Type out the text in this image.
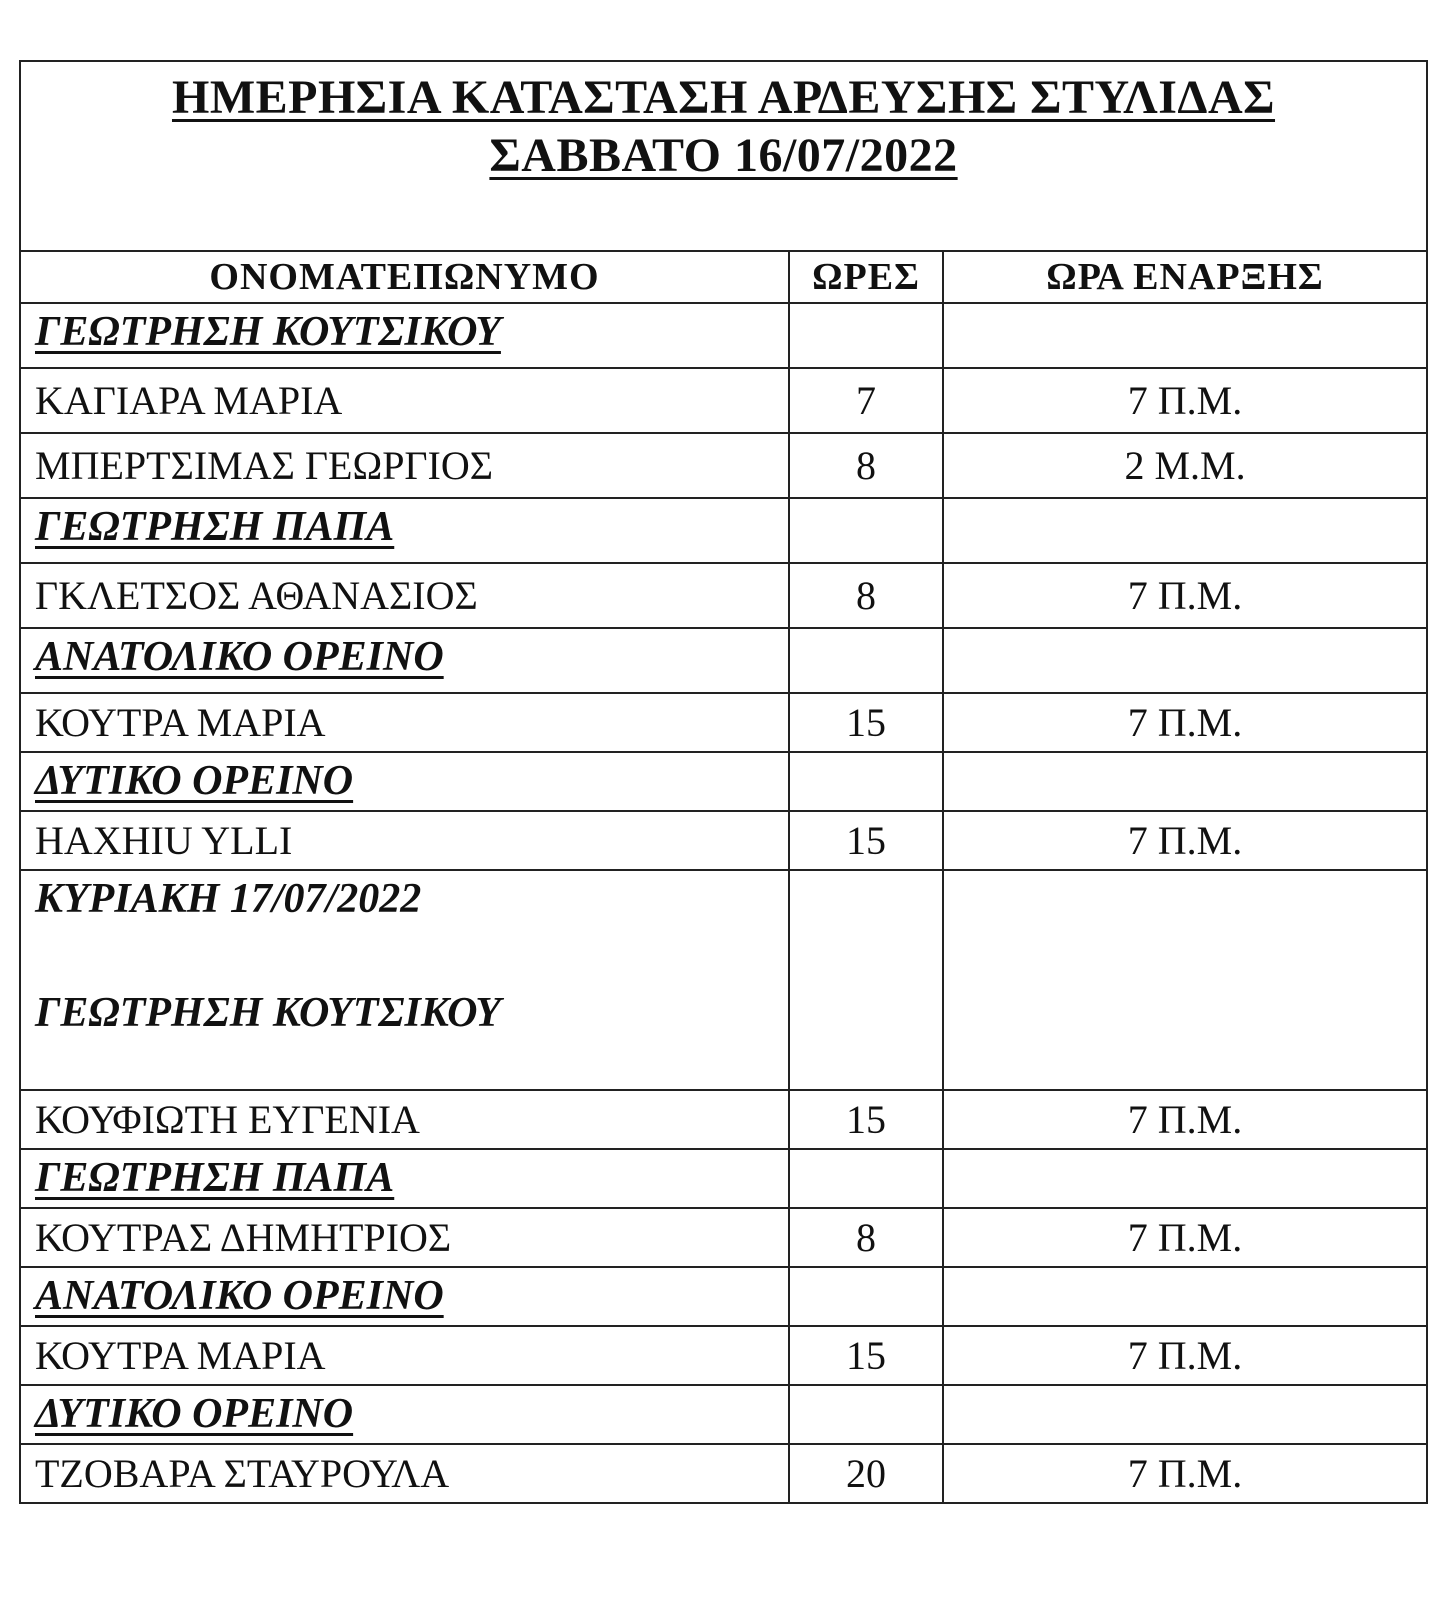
ΗΜΕΡΗΣΙΑ ΚΑΤΑΣΤΑΣΗ ΑΡΔΕΥΣΗΣ ΣΤΥΛΙΔΑΣ
ΣΑΒΒΑΤΟ 16/07/2022		

ΟΝΟΜΑΤΕΠΩΝΥΜΟ	ΩΡΕΣ	ΩΡΑ ΕΝΑΡΞΗΣ
ΓΕΩΤΡΗΣΗ ΚΟΥΤΣΙΚΟΥ		
ΚΑΓΙΑΡΑ ΜΑΡΙΑ	7	7 Π.Μ.
ΜΠΕΡΤΣΙΜΑΣ ΓΕΩΡΓΙΟΣ	8	2 Μ.Μ.
ΓΕΩΤΡΗΣΗ ΠΑΠΑ		
ΓΚΛΕΤΣΟΣ ΑΘΑΝΑΣΙΟΣ	8	7 Π.Μ.
ΑΝΑΤΟΛΙΚΟ ΟΡΕΙΝΟ		
ΚΟΥΤΡΑ ΜΑΡΙΑ	15	7 Π.Μ.
ΔΥΤΙΚΟ ΟΡΕΙΝΟ		
HAXHIU YLLI	15	7 Π.Μ.
ΚΥΡΙΑΚΗ 17/07/2022
ΓΕΩΤΡΗΣΗ ΚΟΥΤΣΙΚΟΥ		
ΚΟΥΦΙΩΤΗ ΕΥΓΕΝΙΑ	15	7 Π.Μ.
ΓΕΩΤΡΗΣΗ ΠΑΠΑ		
ΚΟΥΤΡΑΣ ΔΗΜΗΤΡΙΟΣ	8	7 Π.Μ.
ΑΝΑΤΟΛΙΚΟ ΟΡΕΙΝΟ		
ΚΟΥΤΡΑ ΜΑΡΙΑ	15	7 Π.Μ.
ΔΥΤΙΚΟ ΟΡΕΙΝΟ		
ΤΖΟΒΑΡΑ ΣΤΑΥΡΟΥΛΑ	20	7 Π.Μ.
